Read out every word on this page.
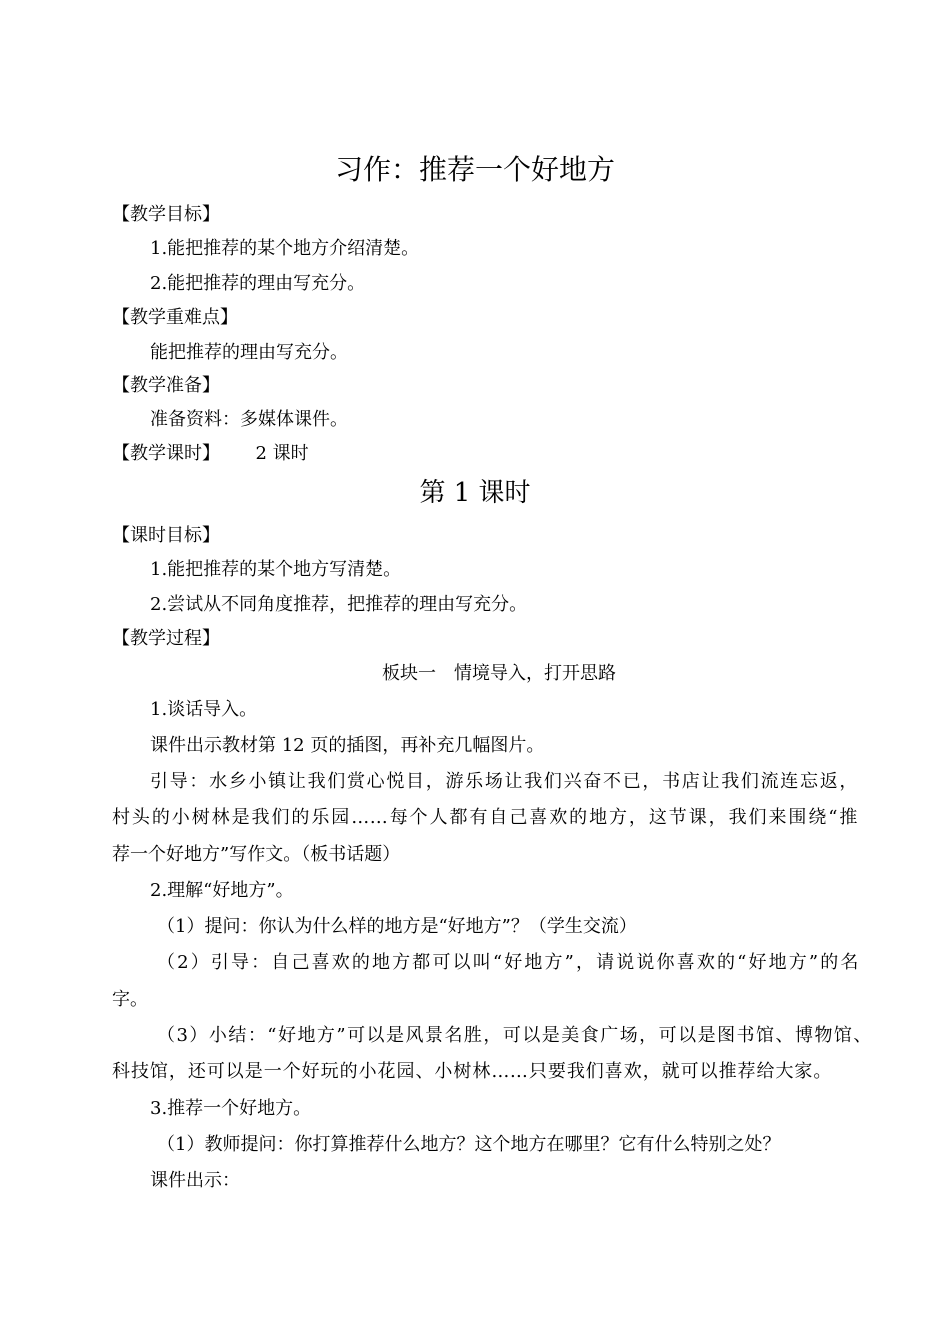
习作：推荐一个好地方
【教学目标】
1.能把推荐的某个地方介绍清楚。
2.能把推荐的理由写充分。
【教学重难点】
能把推荐的理由写充分。
【教学准备】
准备资料：多媒体课件。
【教学课时】 2 课时
第 1 课时
【课时目标】
1.能把推荐的某个地方写清楚。
2.尝试从不同角度推荐，把推荐的理由写充分。
【教学过程】
板块一　情境导入，打开思路
1.谈话导入。
课件出示教材第 12 页的插图，再补充几幅图片。
引导：水乡小镇让我们赏心悦目，游乐场让我们兴奋不已，书店让我们流连忘返，
村头的小树林是我们的乐园……每个人都有自己喜欢的地方，这节课，我们来围绕“推
荐一个好地方”写作文。（板书话题）
2.理解“好地方”。
（1）提问：你认为什么样的地方是“好地方”？（学生交流）
（2）引导：自己喜欢的地方都可以叫“好地方”，请说说你喜欢的“好地方”的名
字。
（3）小结：“好地方”可以是风景名胜，可以是美食广场，可以是图书馆、博物馆、
科技馆，还可以是一个好玩的小花园、小树林……只要我们喜欢，就可以推荐给大家。
3.推荐一个好地方。
（1）教师提问：你打算推荐什么地方？这个地方在哪里？它有什么特别之处？
课件出示：
